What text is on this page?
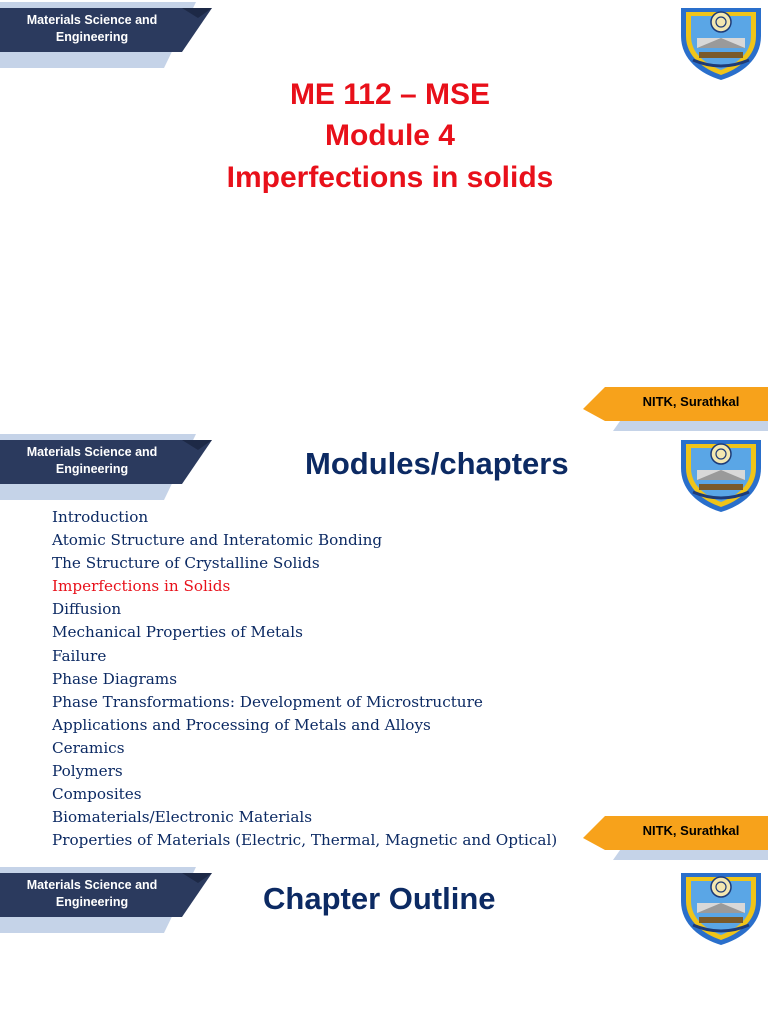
Materials Science and Engineering
ME 112 – MSE
Module 4
Imperfections in solids
NITK, Surathkal
Materials Science and Engineering	Modules/chapters
Introduction
Atomic Structure and Interatomic Bonding
The Structure of Crystalline Solids
Imperfections in Solids
Diffusion
Mechanical Properties of Metals
Failure
Phase Diagrams
Phase Transformations: Development of Microstructure
Applications and Processing of Metals and Alloys
Ceramics
Polymers
Composites
Biomaterials/Electronic Materials
Properties of Materials (Electric, Thermal, Magnetic and Optical)
NITK, Surathkal
Materials Science and Engineering	Chapter Outline
